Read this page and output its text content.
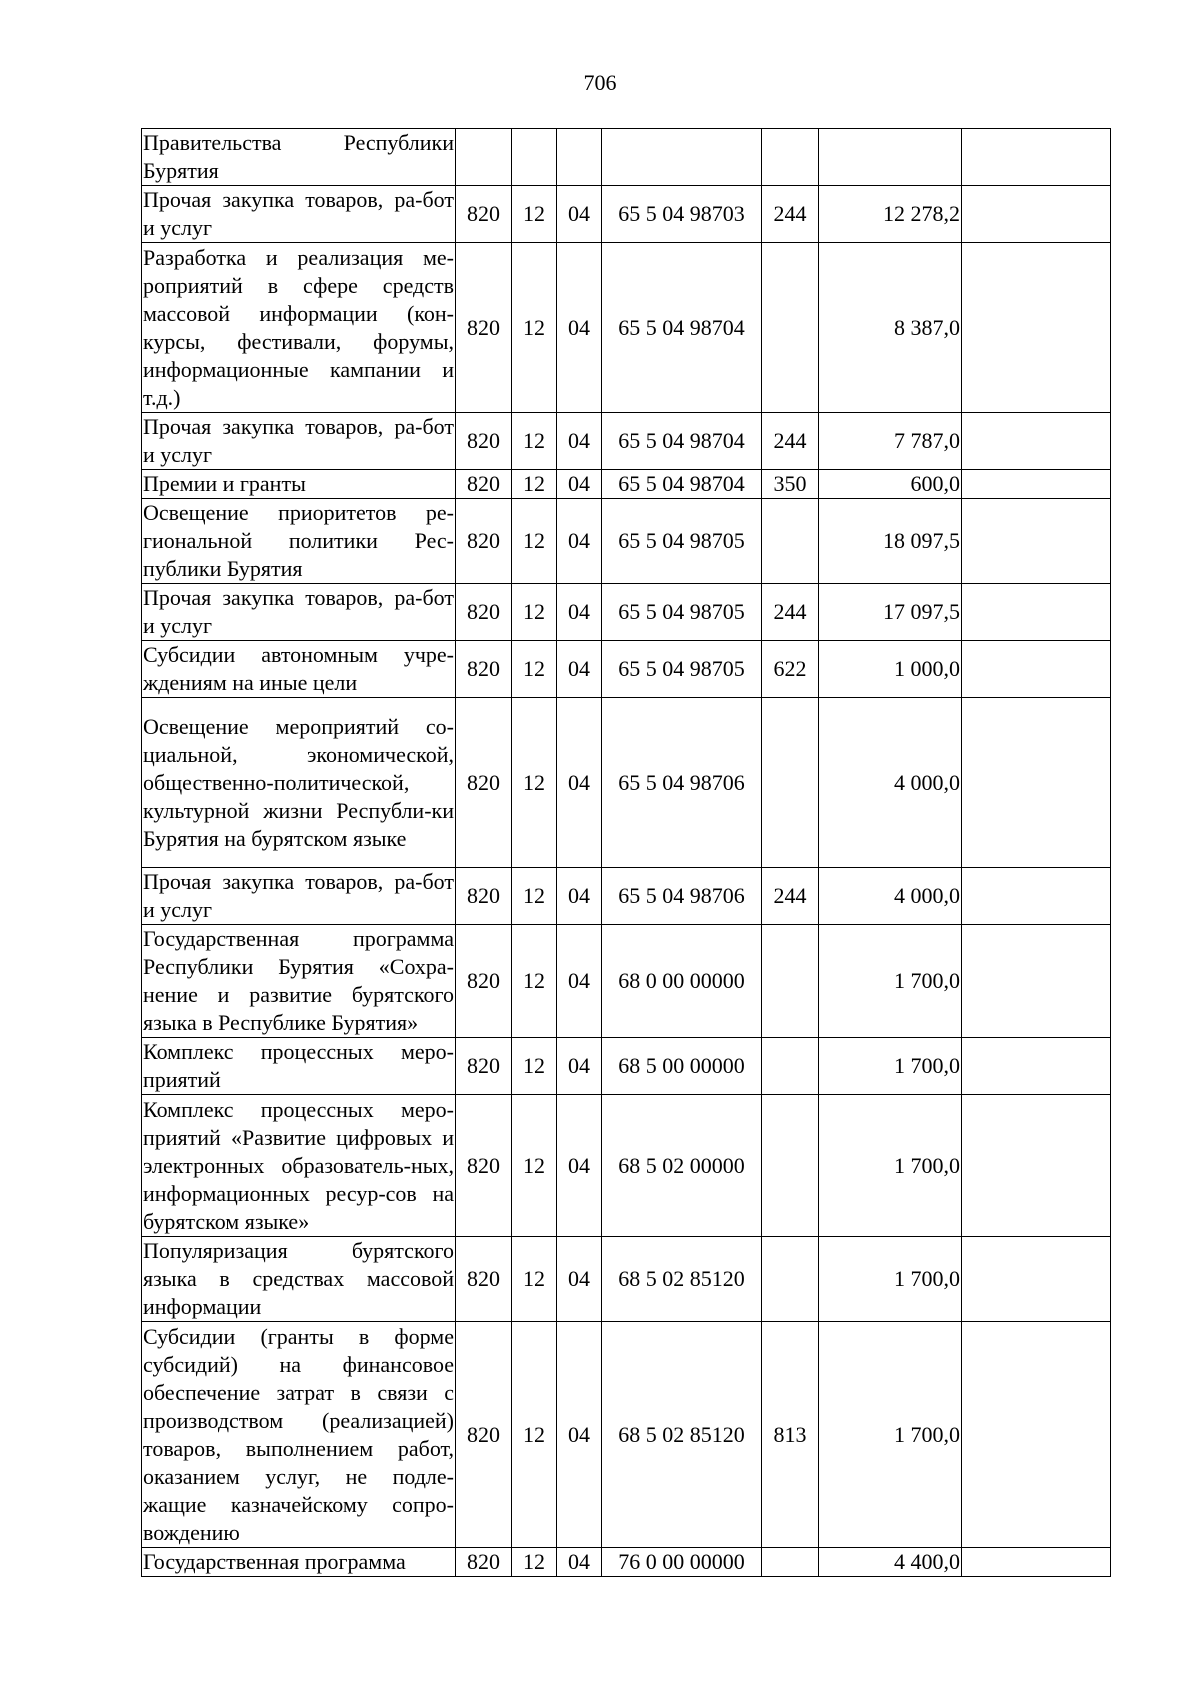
706
Правительства Республики Бурятия							
Прочая закупка товаров, ра-бот и услуг	820	12	04	65 5 04 98703	244	12 278,2	
Разработка и реализация ме-роприятий в сфере средств массовой информации (кон-курсы, фестивали, форумы, информационные кампании и т.д.)	820	12	04	65 5 04 98704		8 387,0	
Прочая закупка товаров, ра-бот и услуг	820	12	04	65 5 04 98704	244	7 787,0	
Премии и гранты	820	12	04	65 5 04 98704	350	600,0	
Освещение приоритетов ре-гиональной политики Рес-публики Бурятия	820	12	04	65 5 04 98705		18 097,5	
Прочая закупка товаров, ра-бот и услуг	820	12	04	65 5 04 98705	244	17 097,5	
Субсидии автономным учре-ждениям на иные цели	820	12	04	65 5 04 98705	622	1 000,0	
Освещение мероприятий со-циальной, экономической, общественно-политической, культурной жизни Республи-ки Бурятия на бурятском языке	820	12	04	65 5 04 98706		4 000,0	
Прочая закупка товаров, ра-бот и услуг	820	12	04	65 5 04 98706	244	4 000,0	
Государственная программа Республики Бурятия «Сохра-нение и развитие бурятского языка в Республике Бурятия»	820	12	04	68 0 00 00000		1 700,0	
Комплекс процессных меро-приятий	820	12	04	68 5 00 00000		1 700,0	
Комплекс процессных меро-приятий «Развитие цифровых и электронных образователь-ных, информационных ресур-сов на бурятском языке»	820	12	04	68 5 02 00000		1 700,0	
Популяризация бурятского языка в средствах массовой информации	820	12	04	68 5 02 85120		1 700,0	
Субсидии (гранты в форме субсидий) на финансовое обеспечение затрат в связи с производством (реализацией) товаров, выполнением работ, оказанием услуг, не подле-жащие казначейскому сопро-вождению	820	12	04	68 5 02 85120	813	1 700,0	
Государственная программа	820	12	04	76 0 00 00000		4 400,0	
